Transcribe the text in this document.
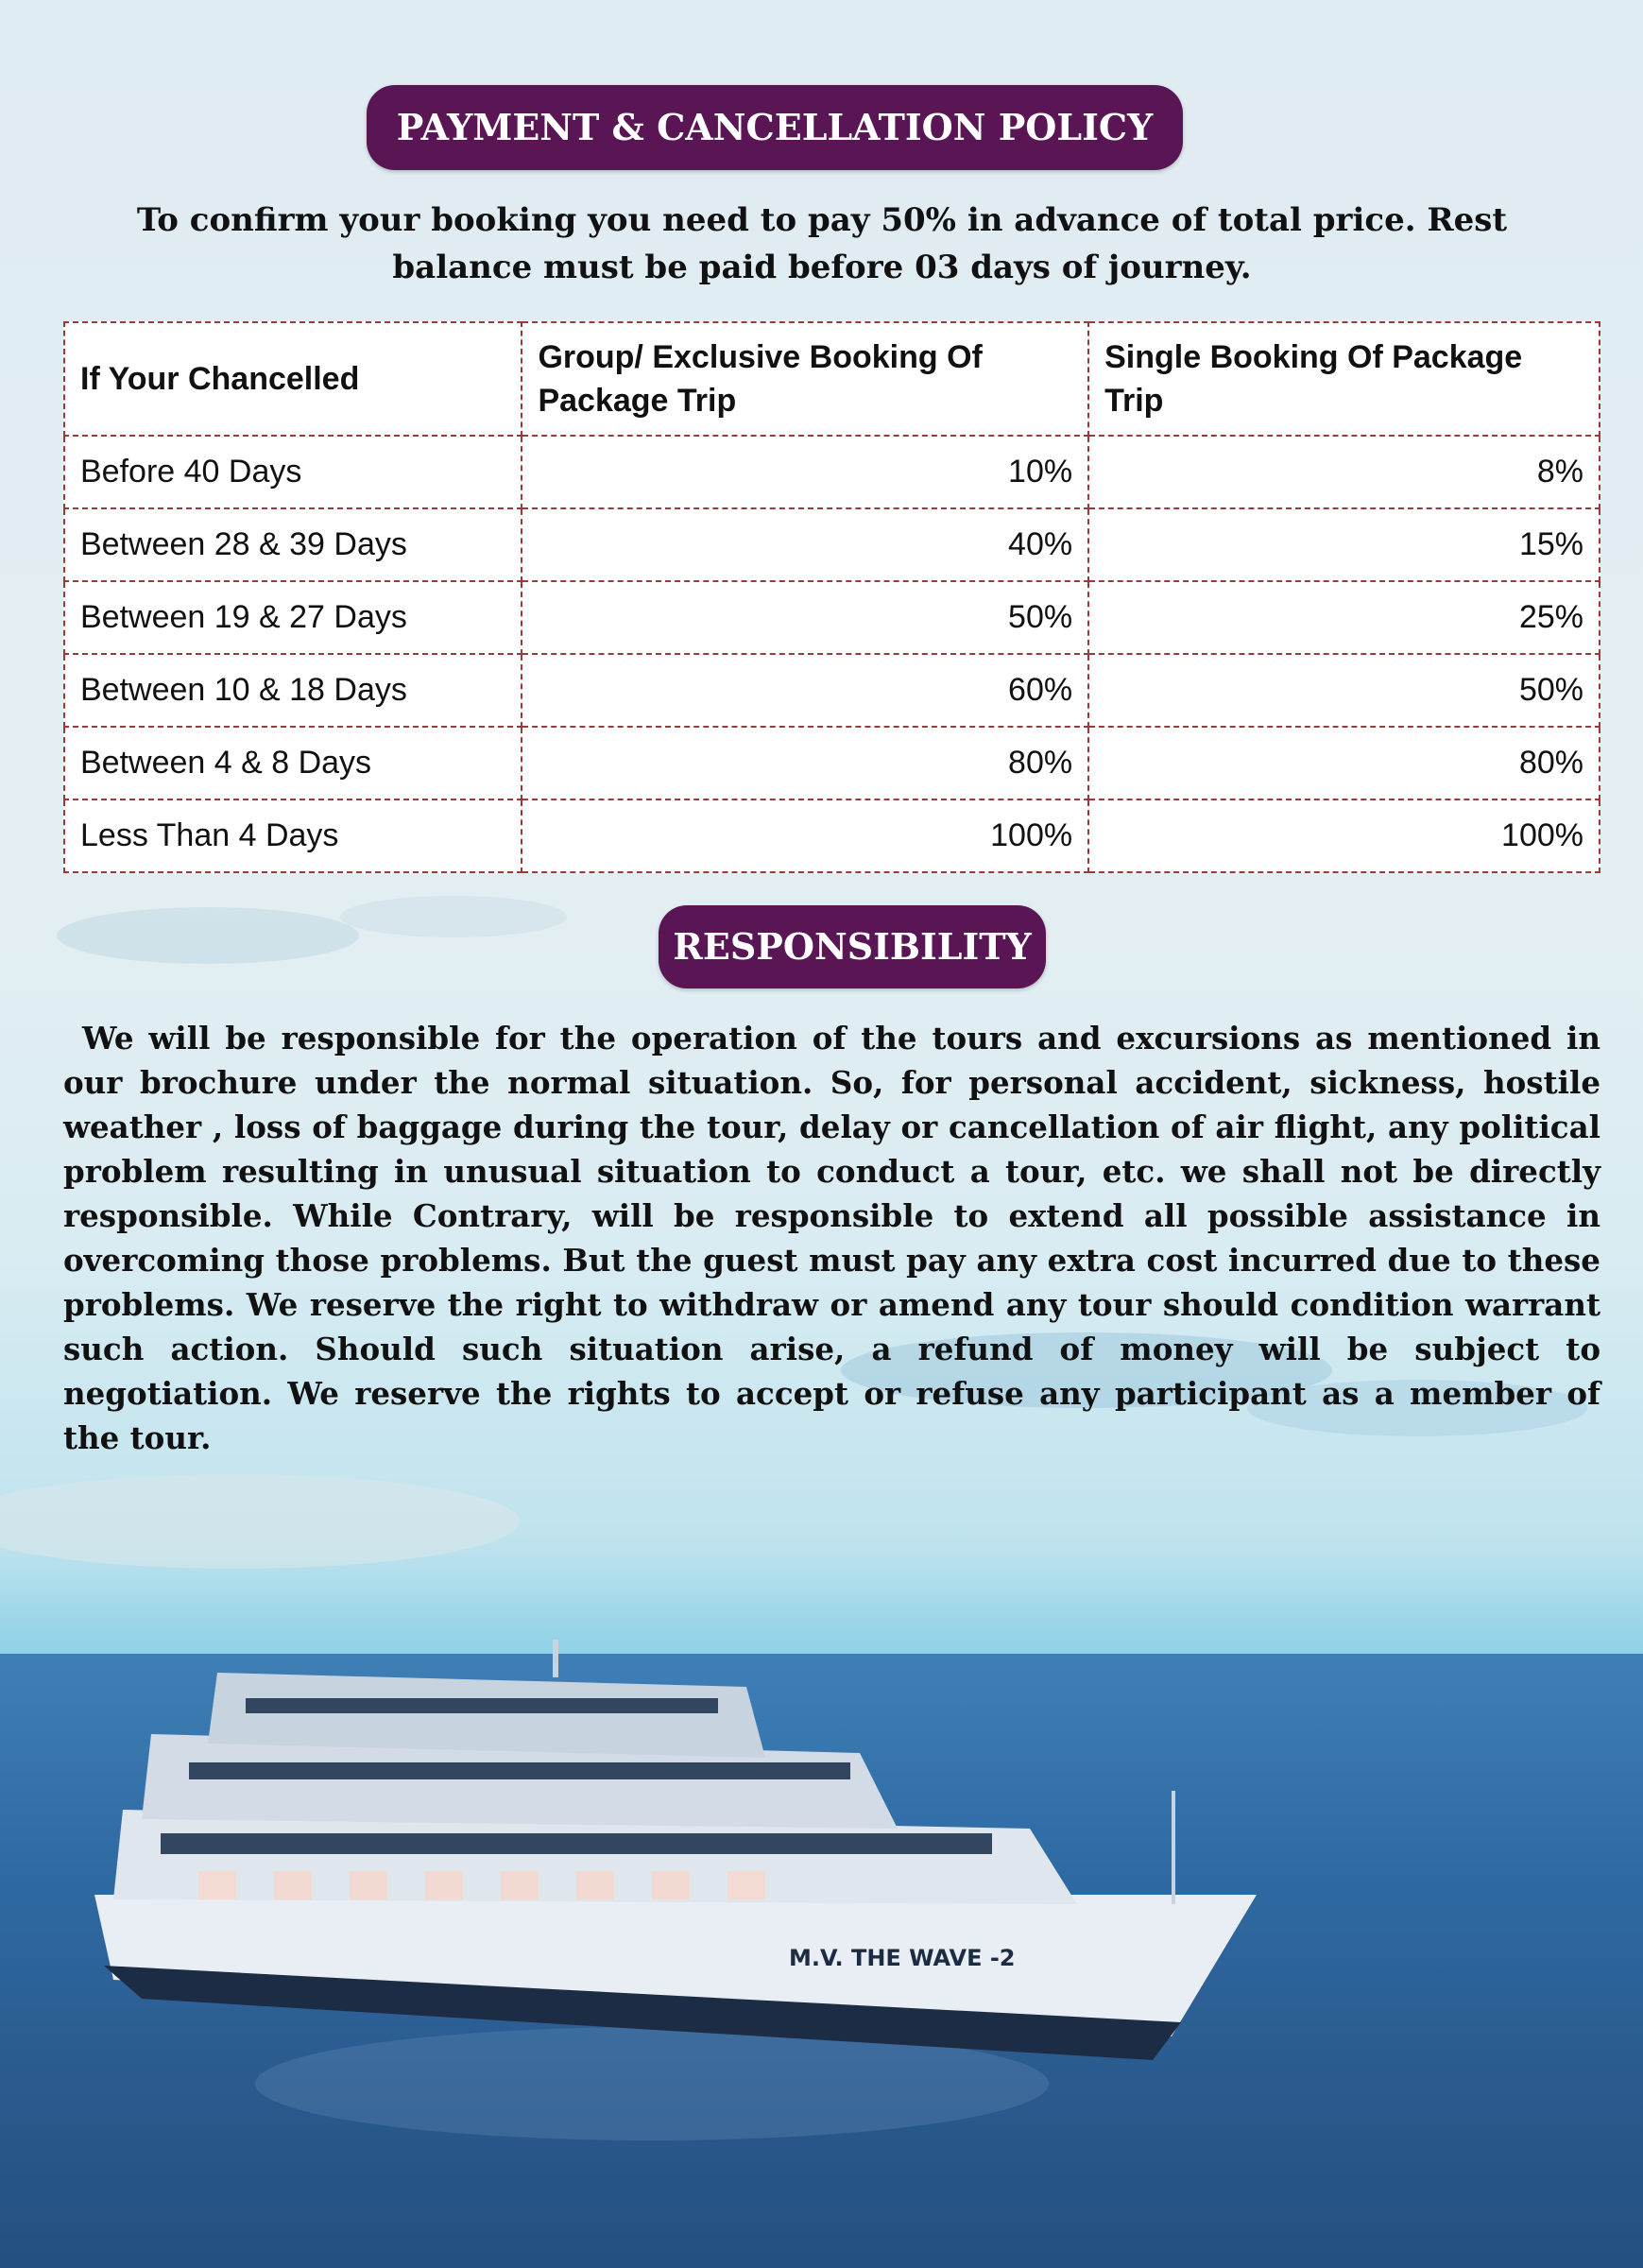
M.V. THE WAVE -2
PAYMENT & CANCELLATION POLICY
To confirm your booking you need to pay 50% in advance of total price. Rest balance must be paid before 03 days of journey.
If Your Chancelled	Group/ Exclusive Booking Of Package Trip	Single Booking Of Package Trip
Before 40 Days	10%	8%
Between 28 & 39 Days	40%	15%
Between 19 & 27 Days	50%	25%
Between 10 & 18 Days	60%	50%
Between 4 & 8 Days	80%	80%
Less Than 4 Days	100%	100%
RESPONSIBILITY
We will be responsible for the operation of the tours and excursions as mentioned in our brochure under the normal situation. So, for personal accident, sickness, hostile weather , loss of baggage during the tour, delay or cancellation of air flight, any political problem resulting in unusual situation to conduct a tour, etc. we shall not be directly responsible. While Contrary, will be responsible to extend all possible assistance in overcoming those problems. But the guest must pay any extra cost incurred due to these problems. We reserve the right to withdraw or amend any tour should condition warrant such action. Should such situation arise, a refund of money will be subject to negotiation. We reserve the rights to accept or refuse any participant as a member of the tour.
